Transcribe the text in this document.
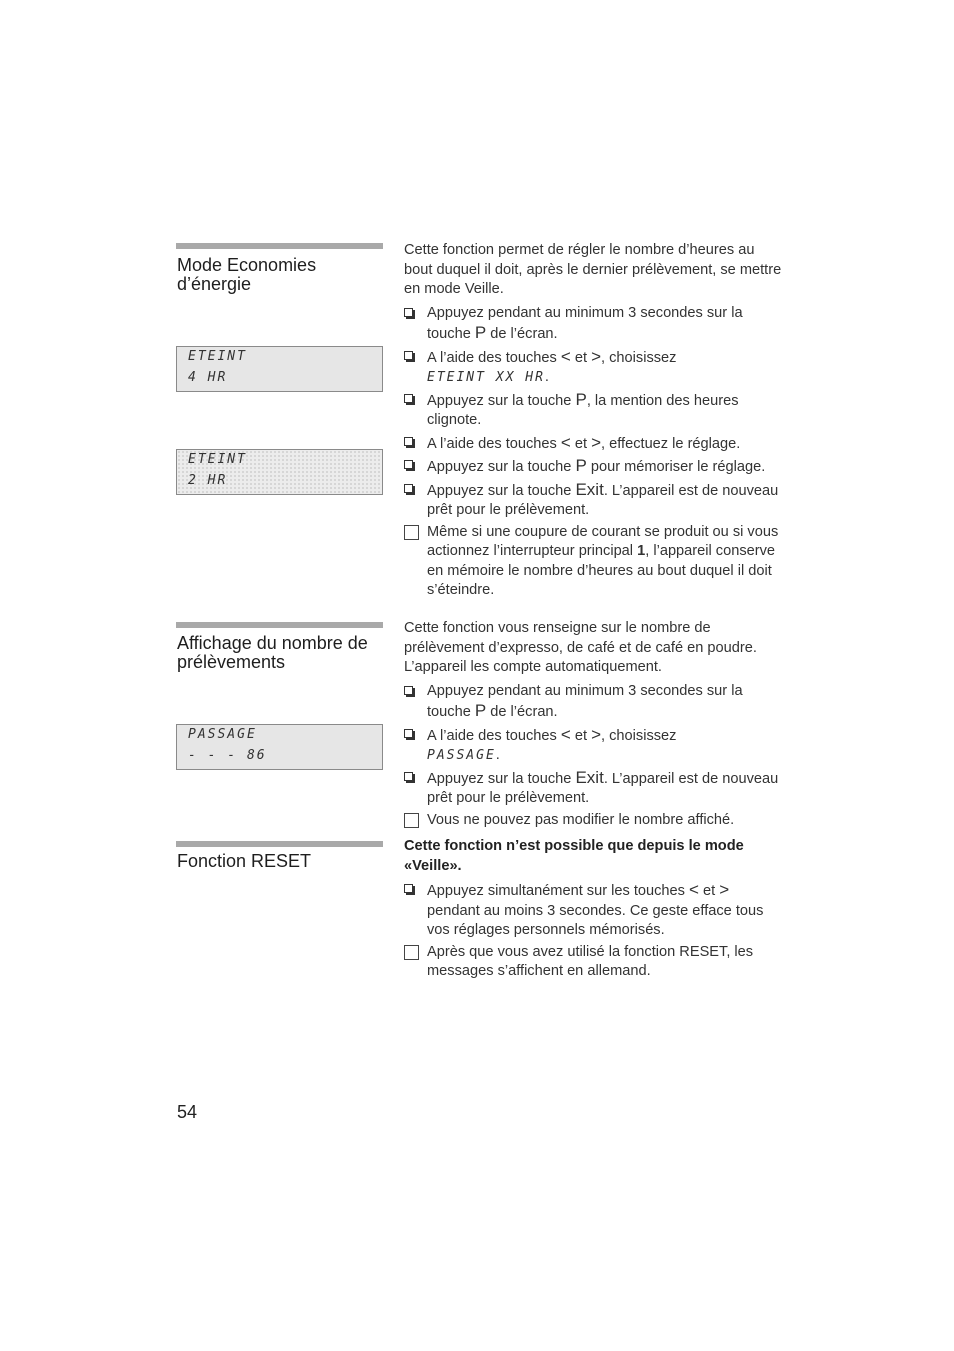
Mode Economies d’énergie
ETEINT
4 HR
ETEINT
2 HR

Cette fonction permet de régler le nombre d’heures au bout duquel il doit, après le dernier prélèvement, se mettre en mode Veille.

Appuyez pendant au minimum 3 secondes sur la touche P de l’écran.
A l’aide des touches < et >, choisissez
ETEINT XX HR.
Appuyez sur la touche P, la mention des heures clignote.
A l’aide des touches < et >, effectuez le réglage.
Appuyez sur la touche P pour mémoriser le réglage.
Appuyez sur la touche Exit. L’appareil est de nouveau prêt pour le prélèvement.
Même si une coupure de courant se produit ou si vous actionnez l’interrupteur principal 1, l’appareil conserve en mémoire le nombre d’heures au bout duquel il doit s’éteindre.
Affichage du nombre de prélèvements
PASSAGE
- - - 86

Cette fonction vous renseigne sur le nombre de prélèvement d’expresso, de café et de café en poudre. L’appareil les compte automatiquement.

Appuyez pendant au minimum 3 secondes sur la touche P de l’écran.
A l’aide des touches < et >, choisissez
PASSAGE.
Appuyez sur la touche Exit. L’appareil est de nouveau prêt pour le prélèvement.
Vous ne pouvez pas modifier le nombre affiché.
Fonction RESET

Cette fonction n’est possible que depuis le mode «Veille».

Appuyez simultanément sur les touches < et > pendant au moins 3 secondes. Ce geste efface tous vos réglages personnels mémorisés.
Après que vous avez utilisé la fonction RESET, les messages s’affichent en allemand.
54
